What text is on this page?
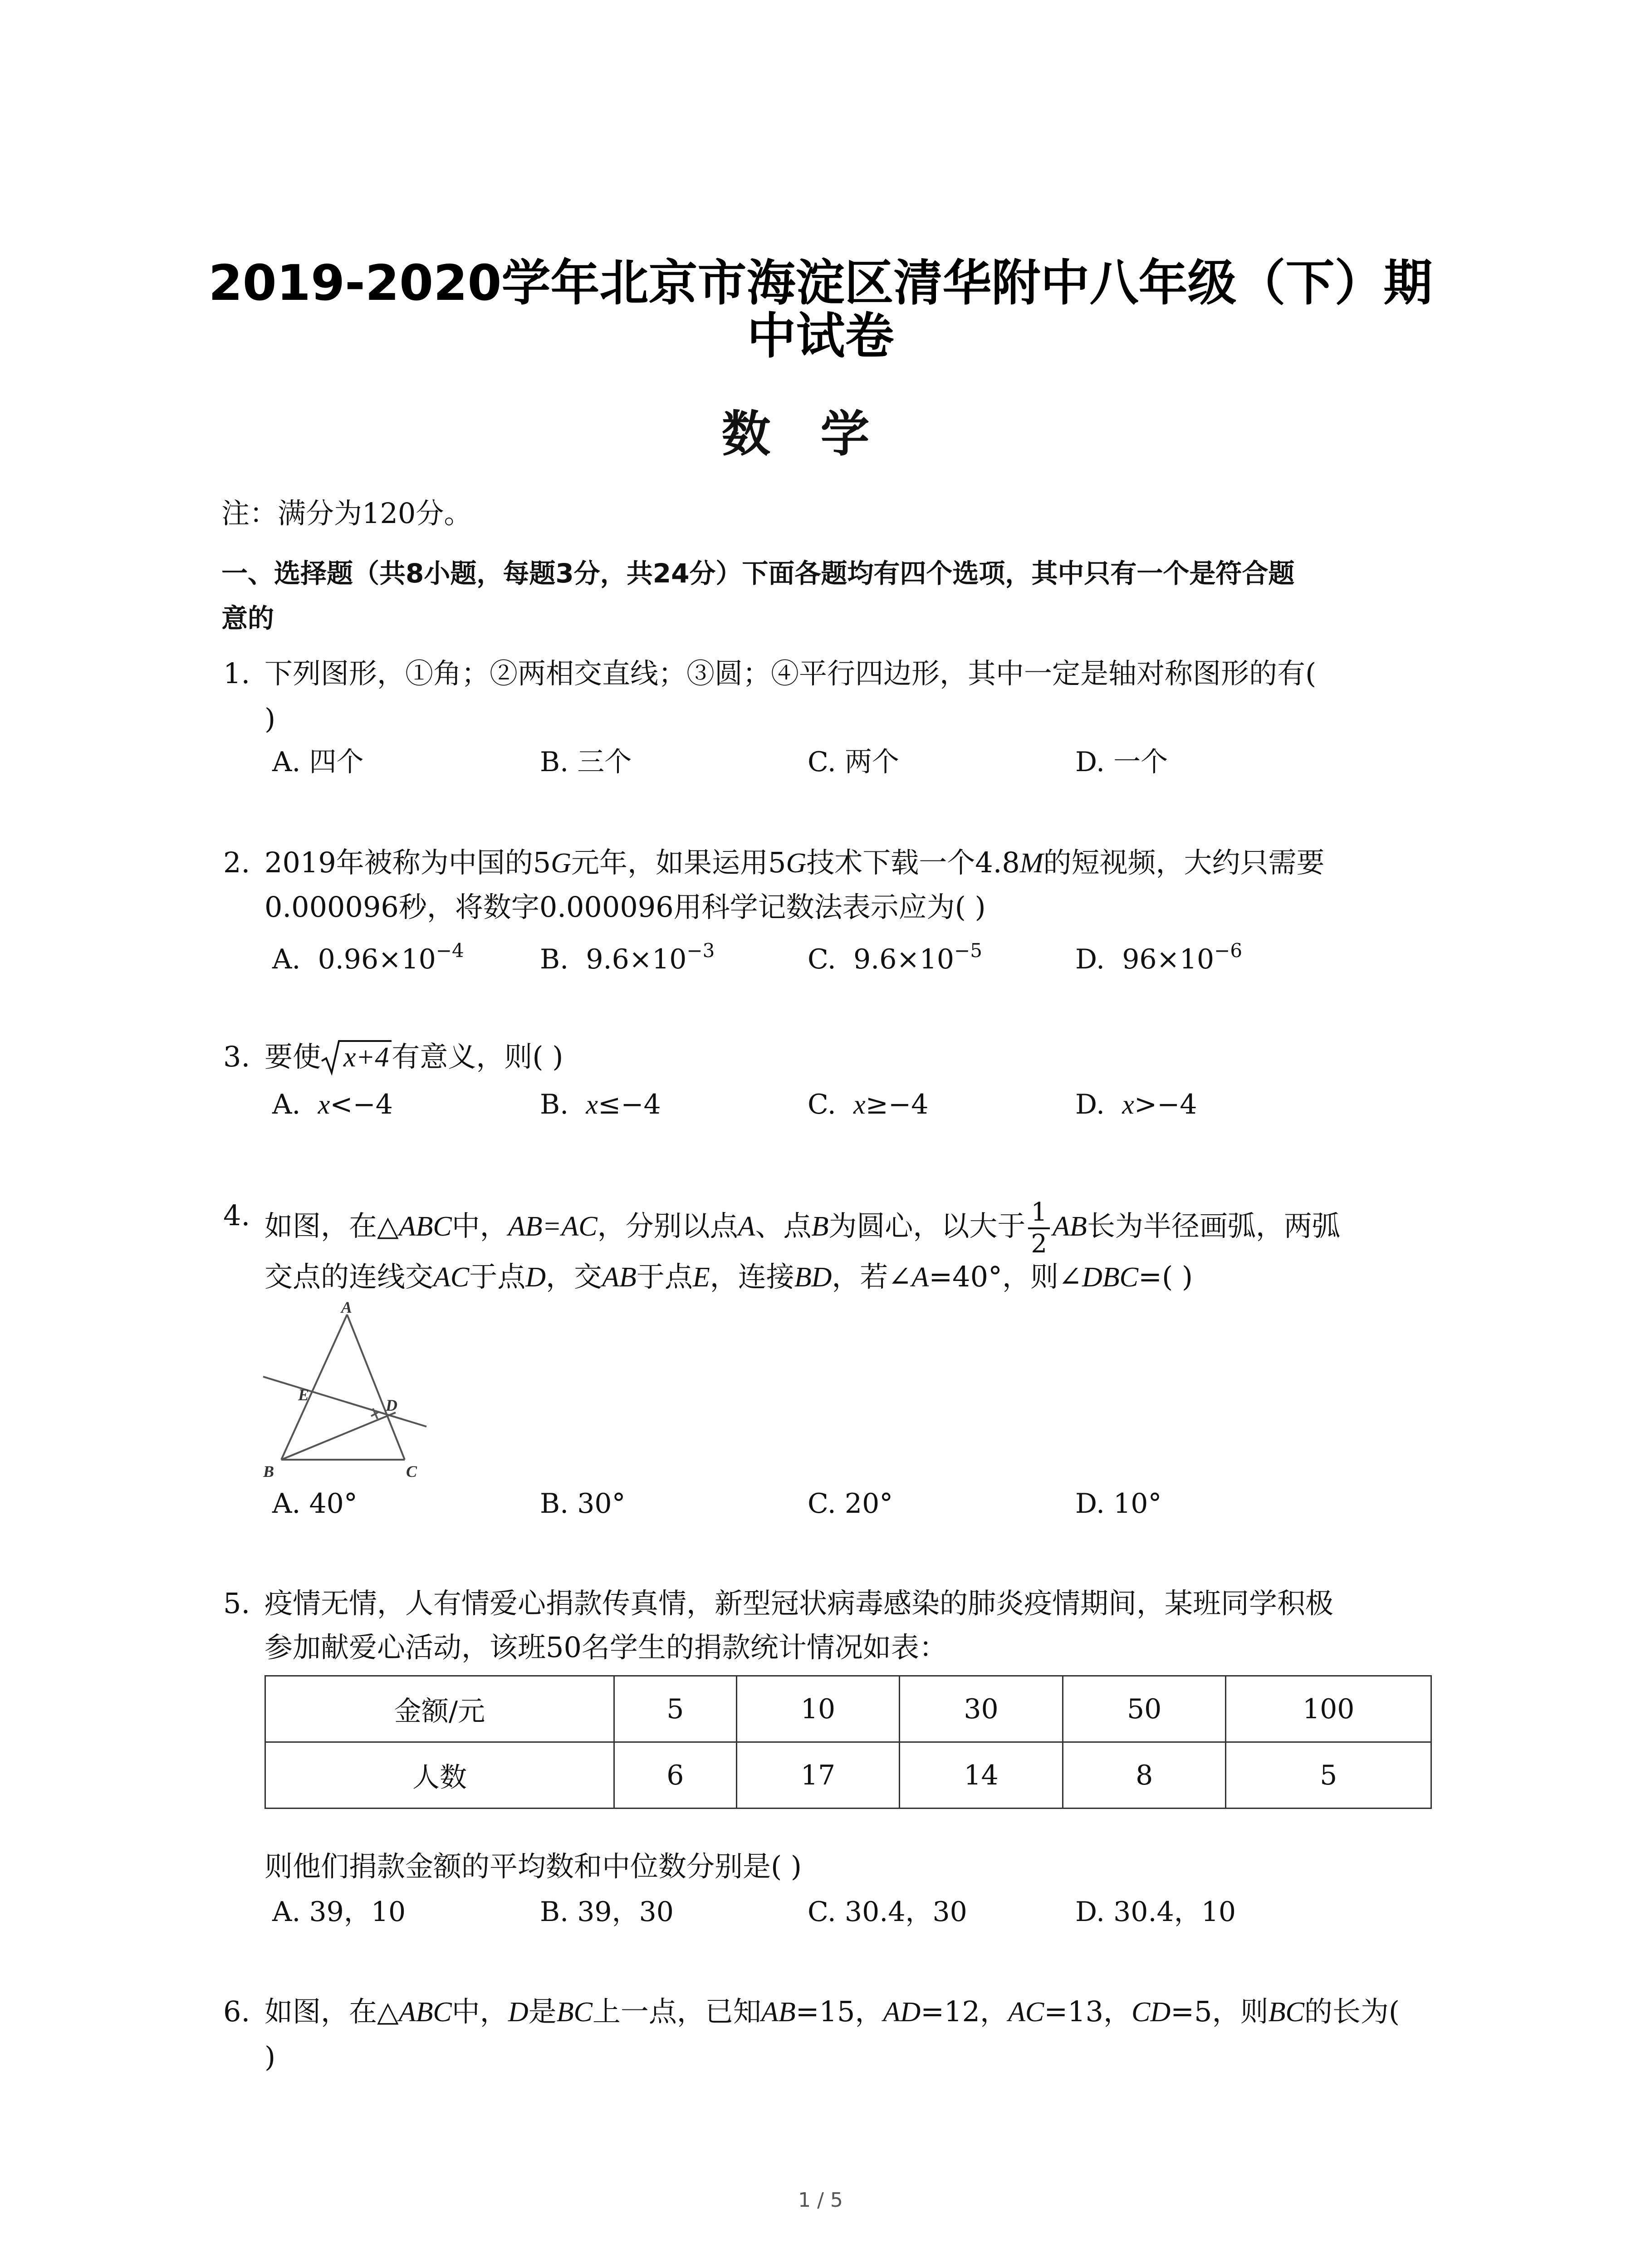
2019-2020学年北京市海淀区清华附中八年级（下）期
中试卷
数学
注：满分为120分。
一、选择题（共8小题，每题3分，共24分）下面各题均有四个选项，其中只有一个是符合题
意的
1. 下列图形，①角；②两相交直线；③圆；④平行四边形，其中一定是轴对称图形的有(
)
A. 四个	B. 三个	C. 两个	D. 一个
2. 2019年被称为中国的5G元年，如果运用5G技术下载一个4.8M的短视频，大约只需要
0.000096秒，将数字0.000096用科学记数法表示应为( )
A. $0.96\times 10^{-4}$	B. $9.6\times 10^{-3}$	C. $9.6\times 10^{-5}$	D. $96\times 10^{-6}$
3. 要使 x+4有意义，则( )
A. x<−4	B. x≤−4	C. x≥−4	D. x>−4
4. 如图，在△ABC中，AB=AC，分别以点A、点B为圆心，以大于 $\frac{1}{2}$ AB长为半径画弧，两弧
交点的连线交AC于点D，交AB于点E，连接BD，若∠A=40°，则∠DBC=( )
A
B	C
D
E
A. 40°	B. 30°	C. 20°	D. 10°
5. 疫情无情，人有情爱心捐款传真情，新型冠状病毒感染的肺炎疫情期间，某班同学积极
参加献爱心活动，该班50名学生的捐款统计情况如表：
金额/元	5	10	30	50	100
人数	6	17	14	8	5
则他们捐款金额的平均数和中位数分别是( )
A. 39，10	B. 39，30	C. 30.4，30	D. 30.4，10
6. 如图，在△ABC中，D是BC上一点，已知AB=15，AD=12，AC=13，CD=5，则BC的长为(
)
1 / 5
